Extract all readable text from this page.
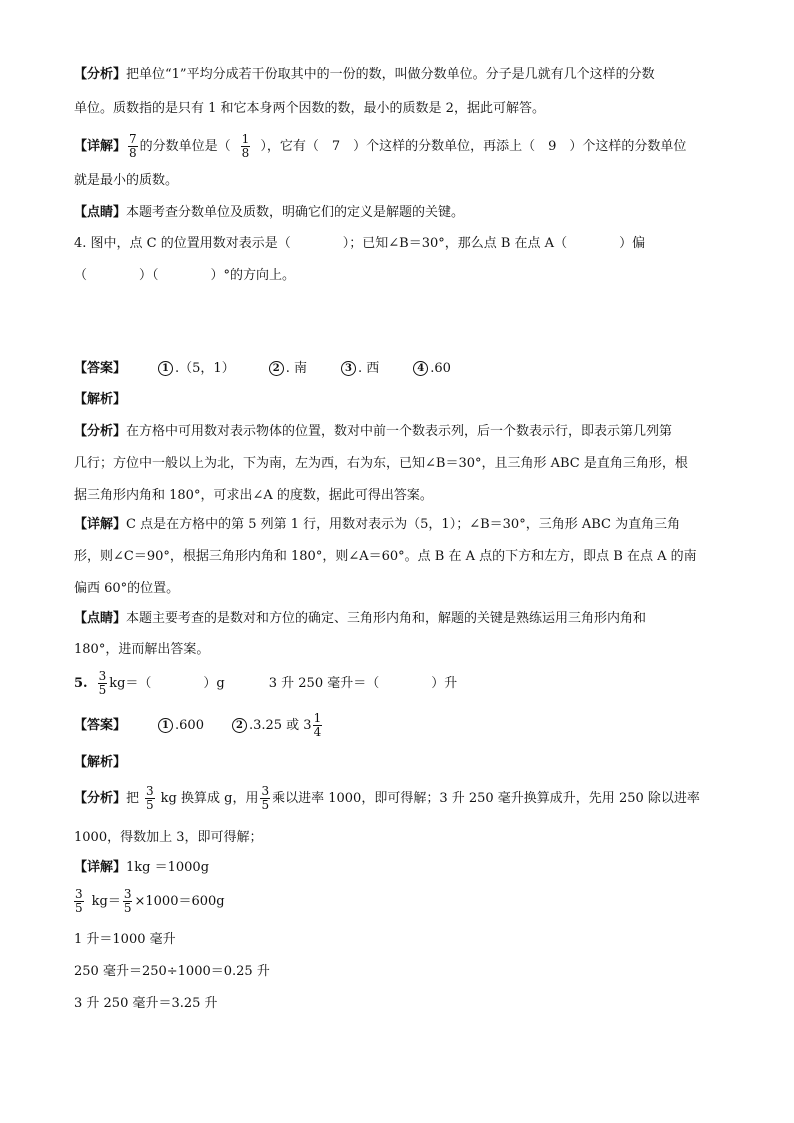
【分析】把单位“1”平均分成若干份取其中的一份的数，叫做分数单位。分子是几就有几个这样的分数
单位。质数指的是只有 1 和它本身两个因数的数，最小的质数是 2，据此可解答。
【详解】 $\frac{7}{8}$ 的分数单位是（ $\frac{1}{8}$ ），它有（　7　）个这样的分数单位，再添上（　9　）个这样的分数单位
就是最小的质数。
【点睛】本题考查分数单位及质数，明确它们的定义是解题的关键。
4. 图中，点 C 的位置用数对表示是（　　　　）；已知∠B＝30°，那么点 B 在点 A（　　　　）偏
（　　　　）（　　　　）°的方向上。
【答案】	1 .（5，1）	2 . 南	3 . 西	4 .60
【解析】
【分析】在方格中可用数对表示物体的位置，数对中前一个数表示列，后一个数表示行，即表示第几列第
几行；方位中一般以上为北，下为南，左为西，右为东，已知∠B＝30°，且三角形 ABC 是直角三角形，根
据三角形内角和 180°，可求出∠A 的度数，据此可得出答案。
【详解】C 点是在方格中的第 5 列第 1 行，用数对表示为（5，1）；∠B＝30°，三角形 ABC 为直角三角
形，则∠C＝90°，根据三角形内角和 180°，则∠A＝60°。点 B 在 A 点的下方和左方，即点 B 在点 A 的南
偏西 60°的位置。
【点睛】本题主要考查的是数对和方位的确定、三角形内角和，解题的关键是熟练运用三角形内角和
180°，进而解出答案。
5. $\frac{3}{5} kg=$（　　　　）g	3 升 250 毫升＝（　　　　）升
【答案】	1 .600	2 .3.25 或 $3 \frac{1}{4}$
【解析】
【分析】把 $\frac{3}{5}$ kg 换算成 g，用 $\frac{3}{5}$ 乘以进率 1000，即可得解；3 升 250 毫升换算成升，先用 250 除以进率
1000，得数加上 3，即可得解；
【详解】1kg ＝1000g
$\frac{3}{5} kg= \frac{3}{5} \times 1000=600g$
1 升＝1000 毫升
250 毫升＝250÷1000＝0.25 升
3 升 250 毫升＝3.25 升
